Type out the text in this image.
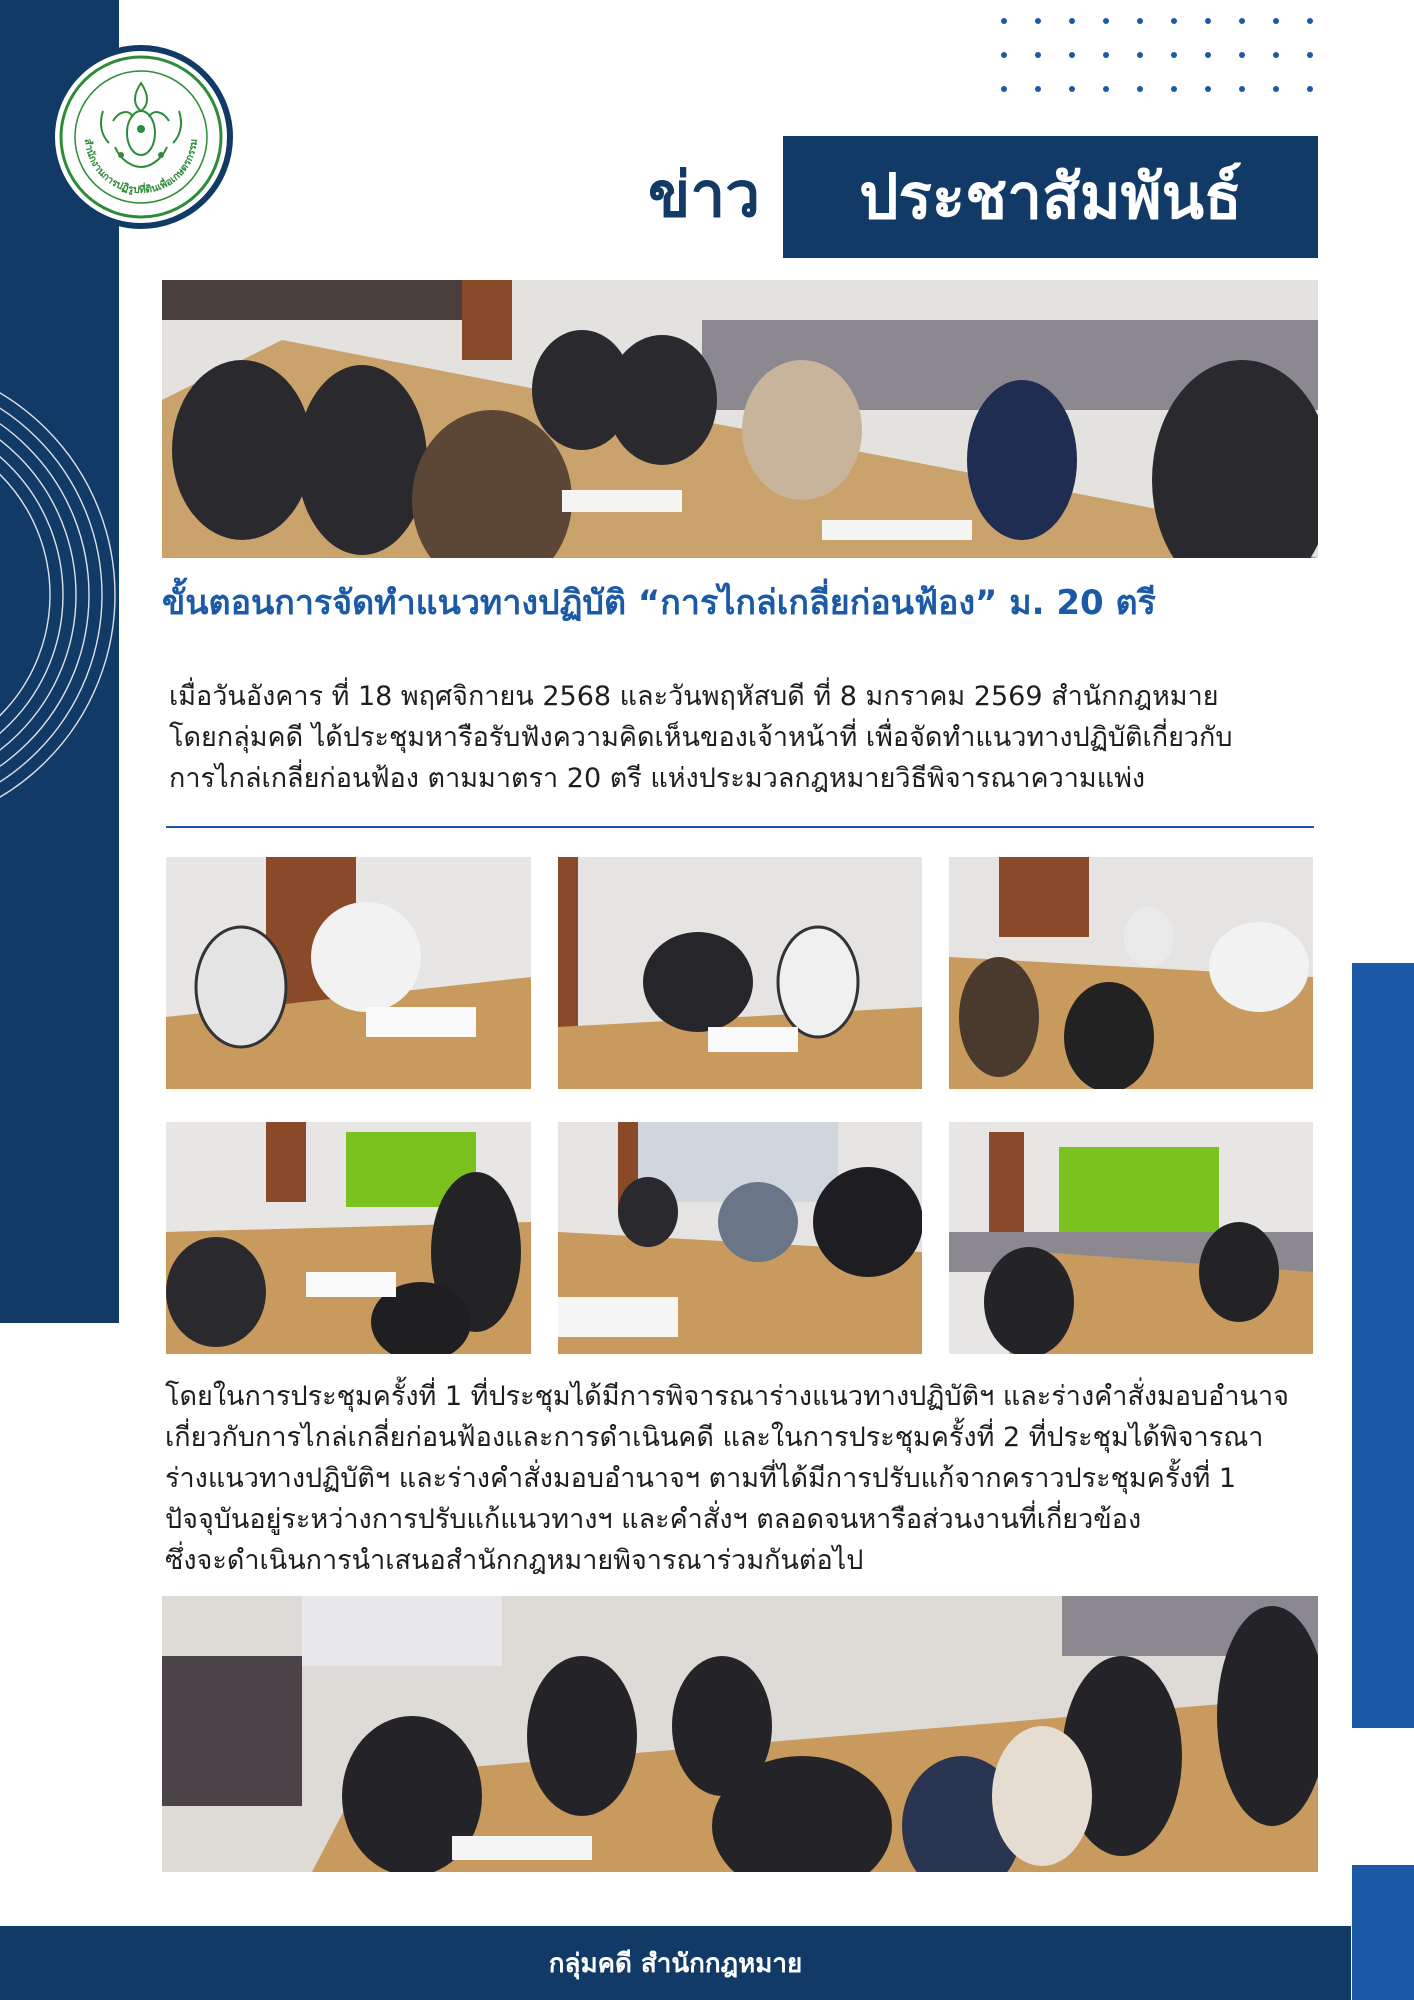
สำนักงานการปฏิรูปที่ดินเพื่อเกษตรกรรม
ข่าว	ประชาสัมพันธ์
ขั้นตอนการจัดทำแนวทางปฏิบัติ “การไกล่เกลี่ยก่อนฟ้อง” ม. 20 ตรี
เมื่อวันอังคาร ที่ 18 พฤศจิกายน 2568 และวันพฤหัสบดี ที่ 8 มกราคม 2569 สำนักกฎหมาย
โดยกลุ่มคดี ได้ประชุมหารือรับฟังความคิดเห็นของเจ้าหน้าที่ เพื่อจัดทำแนวทางปฏิบัติเกี่ยวกับ
การไกล่เกลี่ยก่อนฟ้อง ตามมาตรา 20 ตรี แห่งประมวลกฎหมายวิธีพิจารณาความแพ่ง
โดยในการประชุมครั้งที่ 1 ที่ประชุมได้มีการพิจารณาร่างแนวทางปฏิบัติฯ และร่างคำสั่งมอบอำนาจ
เกี่ยวกับการไกล่เกลี่ยก่อนฟ้องและการดำเนินคดี และในการประชุมครั้งที่ 2 ที่ประชุมได้พิจารณา
ร่างแนวทางปฏิบัติฯ และร่างคำสั่งมอบอำนาจฯ ตามที่ได้มีการปรับแก้จากคราวประชุมครั้งที่ 1
ปัจจุบันอยู่ระหว่างการปรับแก้แนวทางฯ และคำสั่งฯ ตลอดจนหารือส่วนงานที่เกี่ยวข้อง
ซึ่งจะดำเนินการนำเสนอสำนักกฎหมายพิจารณาร่วมกันต่อไป
กลุ่มคดี สำนักกฎหมาย
